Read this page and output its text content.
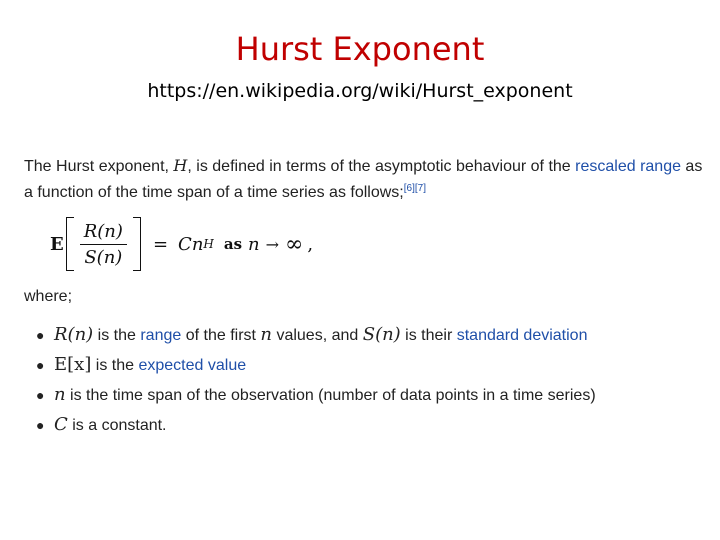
Hurst Exponent
https://en.wikipedia.org/wiki/Hurst_exponent
The Hurst exponent, H, is defined in terms of the asymptotic behaviour of the rescaled range as a function of the time span of a time series as follows;[6][7]
E $\frac{R(n)}{S(n)} = C$ n H as n → ∞ ,
where;
● R(n) is the range of the first n values, and S(n) is their standard deviation
● E[x] is the expected value
● n is the time span of the observation (number of data points in a time series)
● C is a constant.
